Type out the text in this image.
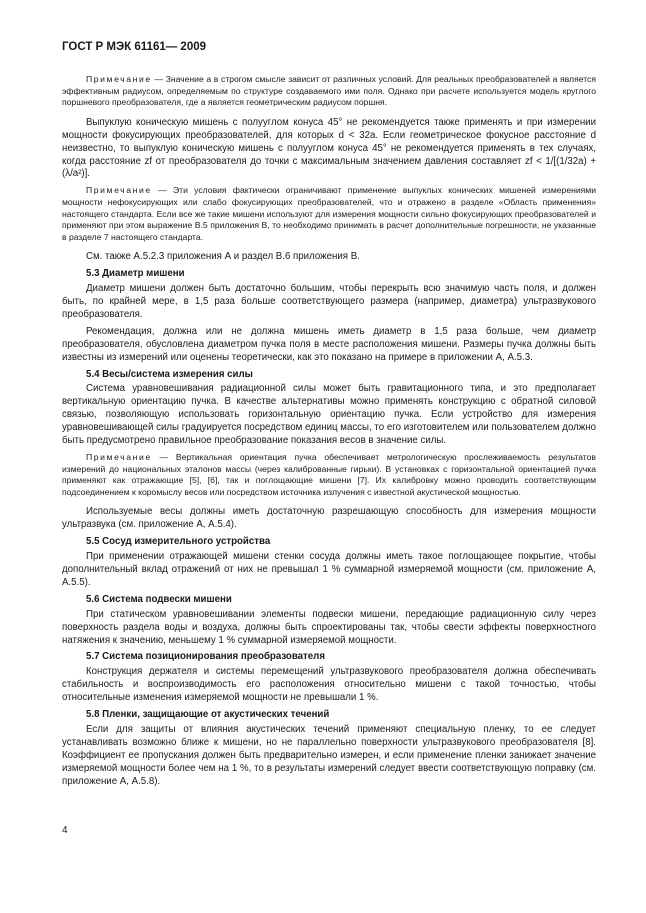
ГОСТ Р МЭК 61161— 2009

Примечание — Значение a в строгом смысле зависит от различных условий. Для реальных преобразователей a является эффективным радиусом, определяемым по структуре создаваемого ими поля. Однако при расчете используется модель круглого поршневого преобразователя, где a является геометрическим радиусом поршня.

Выпуклую коническую мишень с полууглом конуса 45° не рекомендуется также применять и при измерении мощности фокусирующих преобразователей, для которых d < 32a. Если геометрическое фокусное расстояние d неизвестно, то выпуклую коническую мишень с полууглом конуса 45° не рекомендуется применять в тех случаях, когда расстояние zf от преобразователя до точки с максимальным значением давления составляет zf < 1/[(1/32a) + (λ/a²)].

Примечание — Эти условия фактически ограничивают применение выпуклых конических мишеней измерениями мощности нефокусирующих или слабо фокусирующих преобразователей, что и отражено в разделе «Область применения» настоящего стандарта. Если все же такие мишени используют для измерения мощности сильно фокусирующих преобразователей и применяют при этом выражение В.5 приложения В, то необходимо принимать в расчет дополнительные погрешности, не указанные в разделе 7 настоящего стандарта.

См. также А.5.2.3 приложения А и раздел В.6 приложения В.

5.3 Диаметр мишени

Диаметр мишени должен быть достаточно большим, чтобы перекрыть всю значимую часть поля, и должен быть, по крайней мере, в 1,5 раза больше соответствующего размера (например, диаметра) ультразвукового преобразователя.

Рекомендация, должна или не должна мишень иметь диаметр в 1,5 раза больше, чем диаметр преобразователя, обусловлена диаметром пучка поля в месте расположения мишени. Размеры пучка должны быть известны из измерений или оценены теоретически, как это показано на примере в приложении А, А.5.3.

5.4 Весы/система измерения силы

Система уравновешивания радиационной силы может быть гравитационного типа, и это предполагает вертикальную ориентацию пучка. В качестве альтернативы можно применять конструкцию с обратной силовой связью, позволяющую использовать горизонтальную ориентацию пучка. Если устройство для измерения уравновешивающей силы градуируется посредством единиц массы, то его изготовителем или пользователем должно быть предусмотрено правильное преобразование показания весов в значение силы.

Примечание — Вертикальная ориентация пучка обеспечивает метрологическую прослеживаемость результатов измерений до национальных эталонов массы (через калиброванные гирьки). В установках с горизонтальной ориентацией пучка применяют как отражающие [5], [6], так и поглощающие мишени [7]. Их калибровку можно проводить соответствующим подсоединением к коромыслу весов или посредством источника излучения с известной акустической мощностью.

Используемые весы должны иметь достаточную разрешающую способность для измерения мощности ультразвука (см. приложение А, А.5.4).

5.5 Сосуд измерительного устройства

При применении отражающей мишени стенки сосуда должны иметь такое поглощающее покрытие, чтобы дополнительный вклад отражений от них не превышал 1 % суммарной измеряемой мощности (см. приложение А, А.5.5).

5.6 Система подвески мишени

При статическом уравновешивании элементы подвески мишени, передающие радиационную силу через поверхность раздела воды и воздуха, должны быть спроектированы так, чтобы свести эффекты поверхностного натяжения к значению, меньшему 1 % суммарной измеряемой мощности.

5.7 Система позиционирования преобразователя

Конструкция держателя и системы перемещений ультразвукового преобразователя должна обеспечивать стабильность и воспроизводимость его расположения относительно мишени с такой точностью, чтобы относительные изменения измеряемой мощности не превышали 1 %.

5.8 Пленки, защищающие от акустических течений

Если для защиты от влияния акустических течений применяют специальную пленку, то ее следует устанавливать возможно ближе к мишени, но не параллельно поверхности ультразвукового преобразователя [8]. Коэффициент ее пропускания должен быть предварительно измерен, и если применение пленки занижает значение измеряемой мощности более чем на 1 %, то в результаты измерений следует ввести соответствующую поправку (см. приложение А, А.5.8).

4
